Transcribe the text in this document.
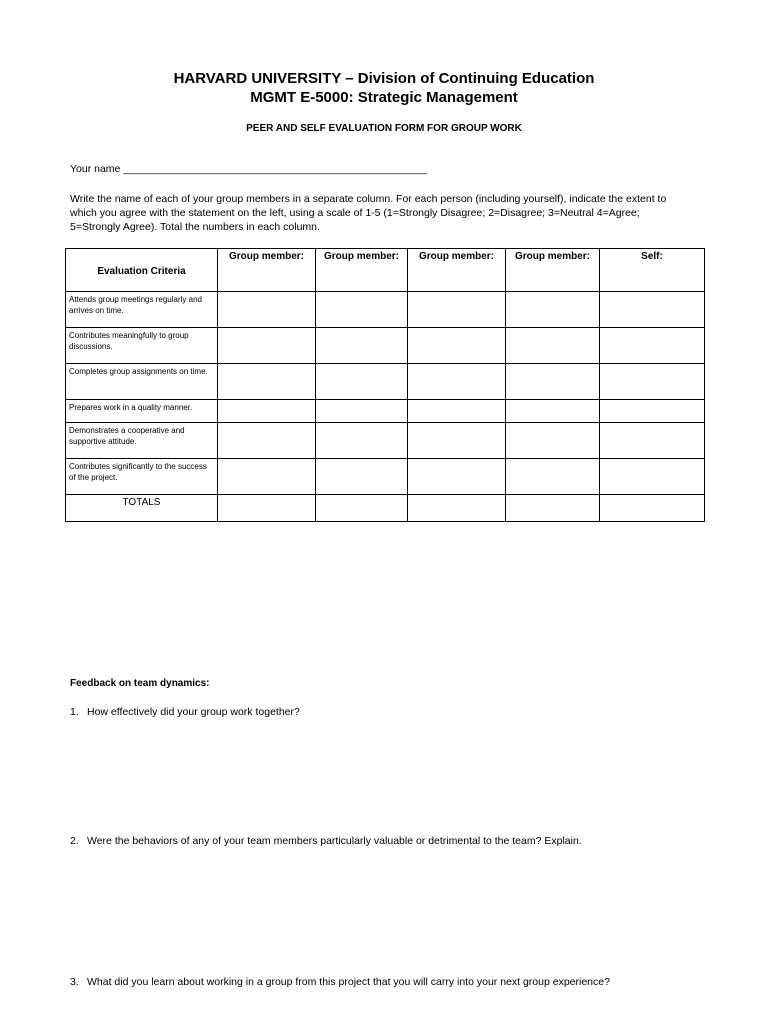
HARVARD UNIVERSITY – Division of Continuing Education
MGMT E-5000: Strategic Management
PEER AND SELF EVALUATION FORM FOR GROUP WORK
Your name ____________________________________________________
Write the name of each of your group members in a separate column. For each person (including yourself), indicate the extent to which you agree with the statement on the left, using a scale of 1-5 (1=Strongly Disagree; 2=Disagree; 3=Neutral 4=Agree; 5=Strongly Agree). Total the numbers in each column.
Evaluation Criteria	Group member:	Group member:	Group member:	Group member:	Self:
Attends group meetings regularly and arrives on time.					
Contributes meaningfully to group discussions.					
Completes group assignments on time.					
Prepares work in a quality manner.					
Demonstrates a cooperative and supportive attitude.					
Contributes significantly to the success of the project.					
TOTALS					
Feedback on team dynamics:
1. How effectively did your group work together?
2. Were the behaviors of any of your team members particularly valuable or detrimental to the team? Explain.
3. What did you learn about working in a group from this project that you will carry into your next group experience?
